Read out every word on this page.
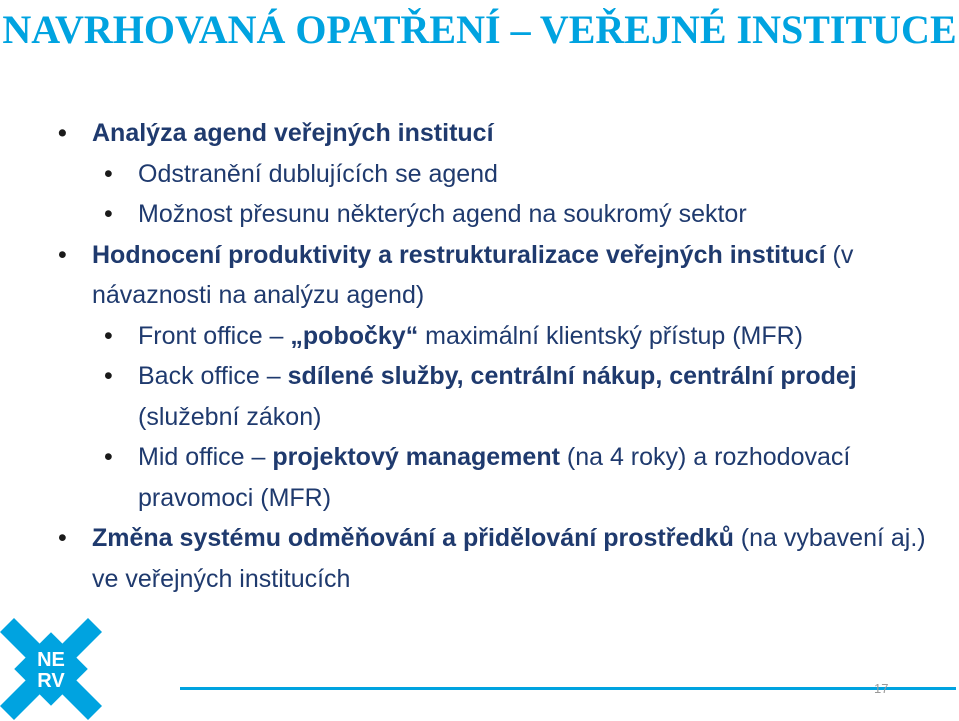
NAVRHOVANÁ OPATŘENÍ – VEŘEJNÉ INSTITUCE
• Analýza agend veřejných institucí
• Odstranění dublujících se agend
• Možnost přesunu některých agend na soukromý sektor
• Hodnocení produktivity a restrukturalizace veřejných institucí (v návaznosti na analýzu agend)
• Front office – „pobočky“ maximální klientský přístup (MFR)
• Back office – sdílené služby, centrální nákup, centrální prodej (služební zákon)
• Mid office – projektový management (na 4 roky) a rozhodovací pravomoci (MFR)
• Změna systému odměňování a přidělování prostředků (na vybavení aj.) ve veřejných institucích
NE
RV	17
